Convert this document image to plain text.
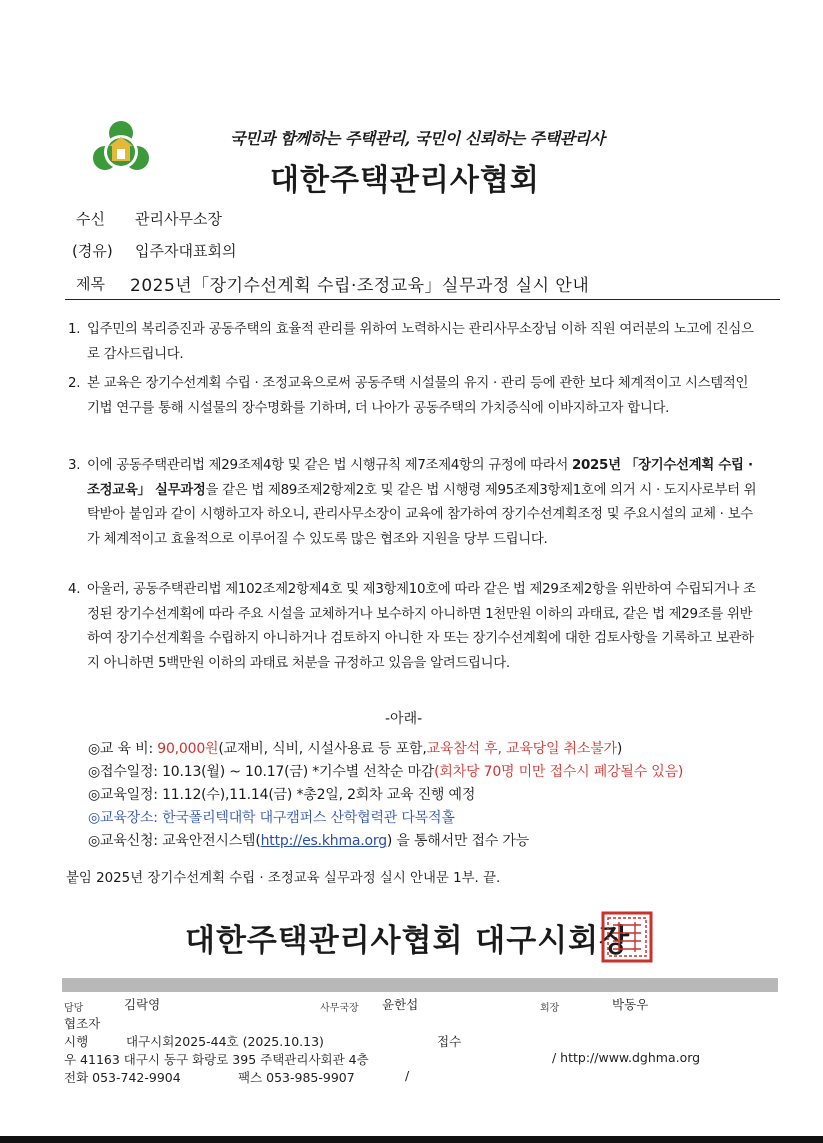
국민과 함께하는 주택관리, 국민이 신뢰하는 주택관리사
대한주택관리사협회
수신 관리사무소장
(경유) 입주자대표회의
제목 2025년「장기수선계획 수립·조정교육」실무과정 실시 안내
1. 입주민의 복리증진과 공동주택의 효율적 관리를 위하여 노력하시는 관리사무소장님 이하 직원 여러분의 노고에 진심으로 감사드립니다.
2. 본 교육은 장기수선계획 수립 · 조정교육으로써 공동주택 시설물의 유지 · 관리 등에 관한 보다 체계적이고 시스템적인 기법 연구를 통해 시설물의 장수명화를 기하며, 더 나아가 공동주택의 가치증식에 이바지하고자 합니다.
3. 이에 공동주택관리법 제29조제4항 및 같은 법 시행규칙 제7조제4항의 규정에 따라서 2025년 「장기수선계획 수립 · 조정교육」 실무과정을 같은 법 제89조제2항제2호 및 같은 법 시행령 제95조제3항제1호에 의거 시 · 도지사로부터 위탁받아 붙임과 같이 시행하고자 하오니, 관리사무소장이 교육에 참가하여 장기수선계획조정 및 주요시설의 교체 · 보수가 체계적이고 효율적으로 이루어질 수 있도록 많은 협조와 지원을 당부 드립니다.
4. 아울러, 공동주택관리법 제102조제2항제4호 및 제3항제10호에 따라 같은 법 제29조제2항을 위반하여 수립되거나 조정된 장기수선계획에 따라 주요 시설을 교체하거나 보수하지 아니하면 1천만원 이하의 과태료, 같은 법 제29조를 위반하여 장기수선계획을 수립하지 아니하거나 검토하지 아니한 자 또는 장기수선계획에 대한 검토사항을 기록하고 보관하지 아니하면 5백만원 이하의 과태료 처분을 규정하고 있음을 알려드립니다.
-아래-
◎교 육 비: 90,000원(교재비, 식비, 시설사용료 등 포함,교육참석 후, 교육당일 취소불가)
◎접수일정: 10.13(월) ~ 10.17(금) *기수별 선착순 마감(회차당 70명 미만 접수시 폐강될수 있음)
◎교육일정: 11.12(수),11.14(금) *총2일, 2회차 교육 진행 예정
◎교육장소: 한국폴리텍대학 대구캠퍼스 산학협력관 다목적홀
◎교육신청: 교육안전시스템(http://es.khma.org) 을 통해서만 접수 가능
붙임 2025년 장기수선계획 수립 · 조정교육 실무과정 실시 안내문 1부. 끝.
대한주택관리사협회 대구시회장
담당	김락영	사무국장 윤한섭	회장	박동우
협조자
시행	대구시회2025-44호 (2025.10.13)	접수
우 41163 대구시 동구 화랑로 395 주택관리사회관 4층	/ http://www.dghma.org
전화 053-742-9904	팩스 053-985-9907	/
